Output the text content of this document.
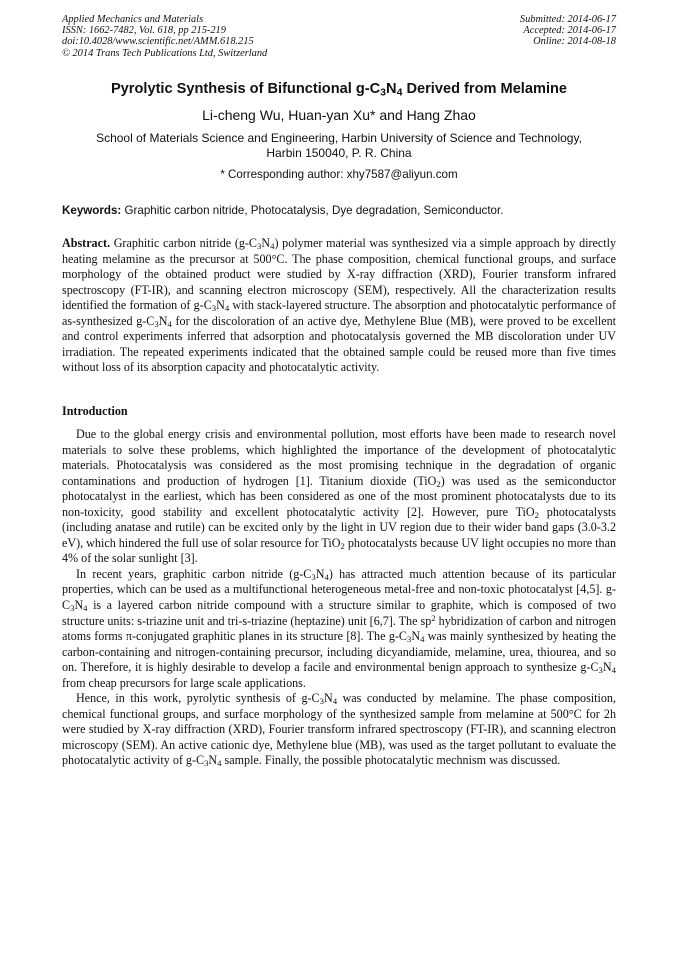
Applied Mechanics and Materials
ISSN: 1662-7482, Vol. 618, pp 215-219
doi:10.4028/www.scientific.net/AMM.618.215
© 2014 Trans Tech Publications Ltd, Switzerland
Submitted: 2014-06-17
Accepted: 2014-06-17
Online: 2014-08-18
Pyrolytic Synthesis of Bifunctional $g-C_3N_4$ Derived from Melamine
Li-cheng Wu, Huan-yan Xu* and Hang Zhao
School of Materials Science and Engineering, Harbin University of Science and Technology,
Harbin 150040, P. R. China
* Corresponding author: xhy7587@aliyun.com
Keywords: Graphitic carbon nitride, Photocatalysis, Dye degradation, Semiconductor.
Abstract. Graphitic carbon nitride $(g-C_3N_4)$ polymer material was synthesized via a simple approach by directly heating melamine as the precursor at 500°C. The phase composition, chemical functional groups, and surface morphology of the obtained product were studied by X-ray diffraction (XRD), Fourier transform infrared spectroscopy (FT-IR), and scanning electron microscopy (SEM), respectively. All the characterization results identified the formation of $g-C_3N_4$ with stack-layered structure. The absorption and photocatalytic performance of as-synthesized $g-C_3N_4$ for the discoloration of an active dye, Methylene Blue (MB), were proved to be excellent and control experiments inferred that adsorption and photocatalysis governed the MB discoloration under UV irradiation. The repeated experiments indicated that the obtained sample could be reused more than five times without loss of its absorption capacity and photocatalytic activity.
Introduction

Due to the global energy crisis and environmental pollution, most efforts have been made to research novel materials to solve these problems, which highlighted the importance of the development of photocatalytic materials. Photocatalysis was considered as the most promising technique in the degradation of organic contaminations and production of hydrogen [1]. Titanium dioxide (TiO$_2$) was used as the semiconductor photocatalyst in the earliest, which has been considered as one of the most prominent photocatalysts due to its non-toxicity, good stability and excellent photocatalytic activity [2]. However, pure TiO$_2$ photocatalysts (including anatase and rutile) can be excited only by the light in UV region due to their wider band gaps (3.0-3.2 eV), which hindered the full use of solar resource for TiO$_2$ photocatalysts because UV light occupies no more than 4% of the solar sunlight [3].

In recent years, graphitic carbon nitride $(g-C_3N_4)$ has attracted much attention because of its particular properties, which can be used as a multifunctional heterogeneous metal-free and non-toxic photocatalyst [4,5]. $g-C_3N_4$ is a layered carbon nitride compound with a structure similar to graphite, which is composed of two structure units: s-triazine unit and tri-s-triazine (heptazine) unit [6,7]. The $sp^2$ hybridization of carbon and nitrogen atoms forms π-conjugated graphitic planes in its structure [8]. The $g-C_3N_4$ was mainly synthesized by heating the carbon-containing and nitrogen-containing precursor, including dicyandiamide, melamine, urea, thiourea, and so on. Therefore, it is highly desirable to develop a facile and environmental benign approach to synthesize $g-C_3N_4$ from cheap precursors for large scale applications.

Hence, in this work, pyrolytic synthesis of $g-C_3N_4$ was conducted by melamine. The phase composition, chemical functional groups, and surface morphology of the synthesized sample from melamine at 500°C for 2h were studied by X-ray diffraction (XRD), Fourier transform infrared spectroscopy (FT-IR), and scanning electron microscopy (SEM). An active cationic dye, Methylene blue (MB), was used as the target pollutant to evaluate the photocatalytic activity of $g-C_3N_4$ sample. Finally, the possible photocatalytic mechnism was discussed.
